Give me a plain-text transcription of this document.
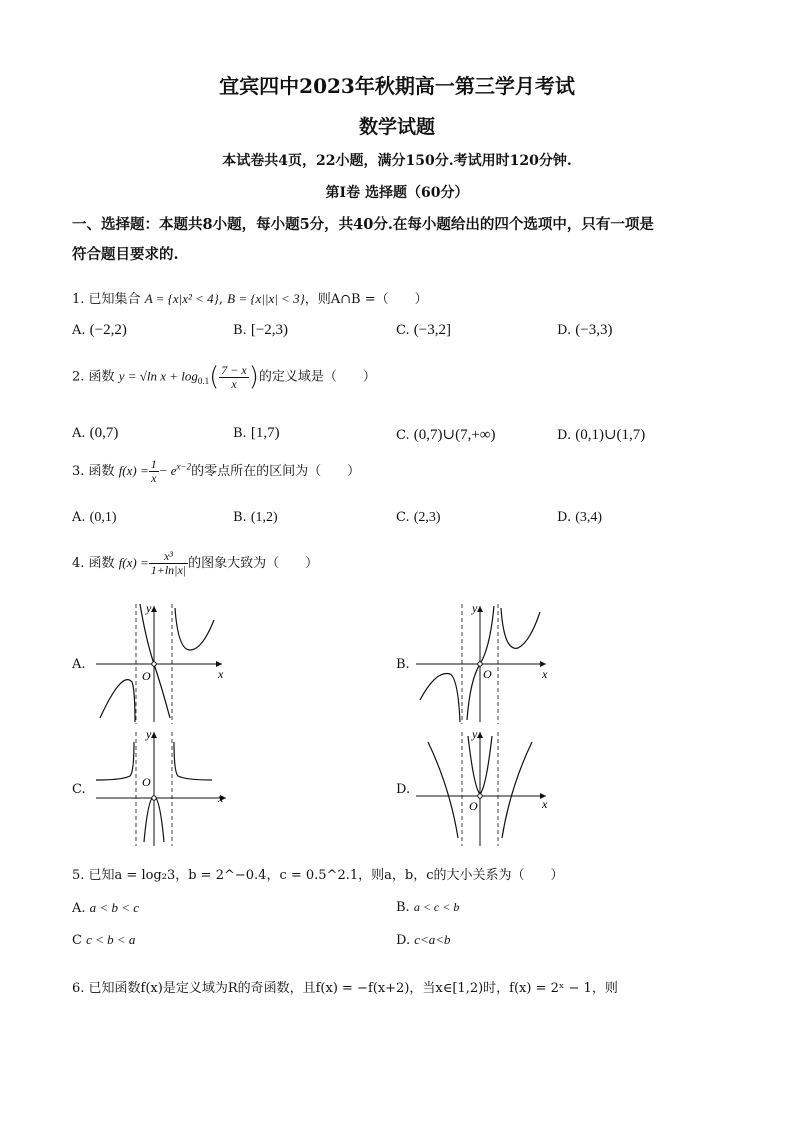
宜宾四中2023年秋期高一第三学月考试
数学试题
本试卷共4页，22小题，满分150分.考试用时120分钟.
第I卷 选择题（60分）
一、选择题：本题共8小题，每小题5分，共40分.在每小题给出的四个选项中，只有一项是
符合题目要求的.
1. 已知集合 A = {x|x² < 4}, B = {x||x| < 3}，则A∩B =（　　）
A. (−2,2)	B. [−2,3)	C. (−3,2]	D. (−3,3)
2. 函数 y = √ln $x + \log_{0.1}( \frac{7 - x}{x}$ )的定义域是（　　）
A. (0,7)	B. [1,7)	C. (0,7)∪(7,+∞)	D. (0,1)∪(1,7)
3. 函数 $f(x) = \frac{1}{x} - e^{x-2}$的零点所在的区间为（　　）
A. (0,1)	B. (1,2)	C. (2,3)	D. (3,4)
4. 函数 $f(x) = \frac{\text{x³}}{1+\ln|x|}$ 的图象大致为（　　）
A.	B.
C.	D.
O	x
y
O	x
y
O
x
y
O	x
y
5. 已知a = log₂3，b = 2^−0.4，c = 0.5^2.1，则a，b，c的大小关系为（　　）
A. a < b < c	B. a < c < b
C c < b < a	D. c<a<b
6. 已知函数f(x)是定义域为R的奇函数，且f(x) = −f(x+2)，当x∈[1,2)时，f(x) = 2ˣ − 1，则
